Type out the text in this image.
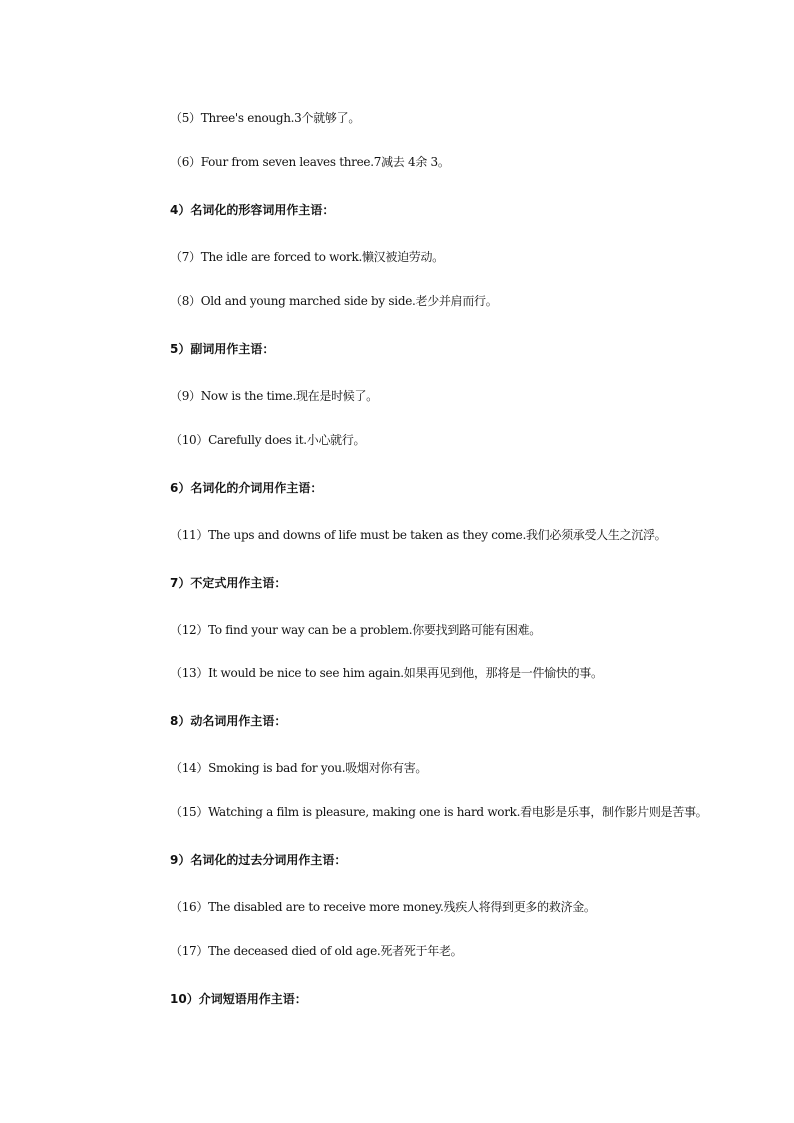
（5）Three's enough.3个就够了。
（6）Four from seven leaves three.7减去 4余 3。
4）名词化的形容词用作主语：
（7）The idle are forced to work.懒汉被迫劳动。
（8）Old and young marched side by side.老少并肩而行。
5）副词用作主语：
（9）Now is the time.现在是时候了。
（10）Carefully does it.小心就行。
6）名词化的介词用作主语：
（11）The ups and downs of life must be taken as they come.我们必须承受人生之沉浮。
7）不定式用作主语：
（12）To find your way can be a problem.你要找到路可能有困难。
（13）It would be nice to see him again.如果再见到他，那将是一件愉快的事。
8）动名词用作主语：
（14）Smoking is bad for you.吸烟对你有害。
（15）Watching a film is pleasure, making one is hard work.看电影是乐事，制作影片则是苦事。
9）名词化的过去分词用作主语：
（16）The disabled are to receive more money.残疾人将得到更多的救济金。
（17）The deceased died of old age.死者死于年老。
10）介词短语用作主语：
